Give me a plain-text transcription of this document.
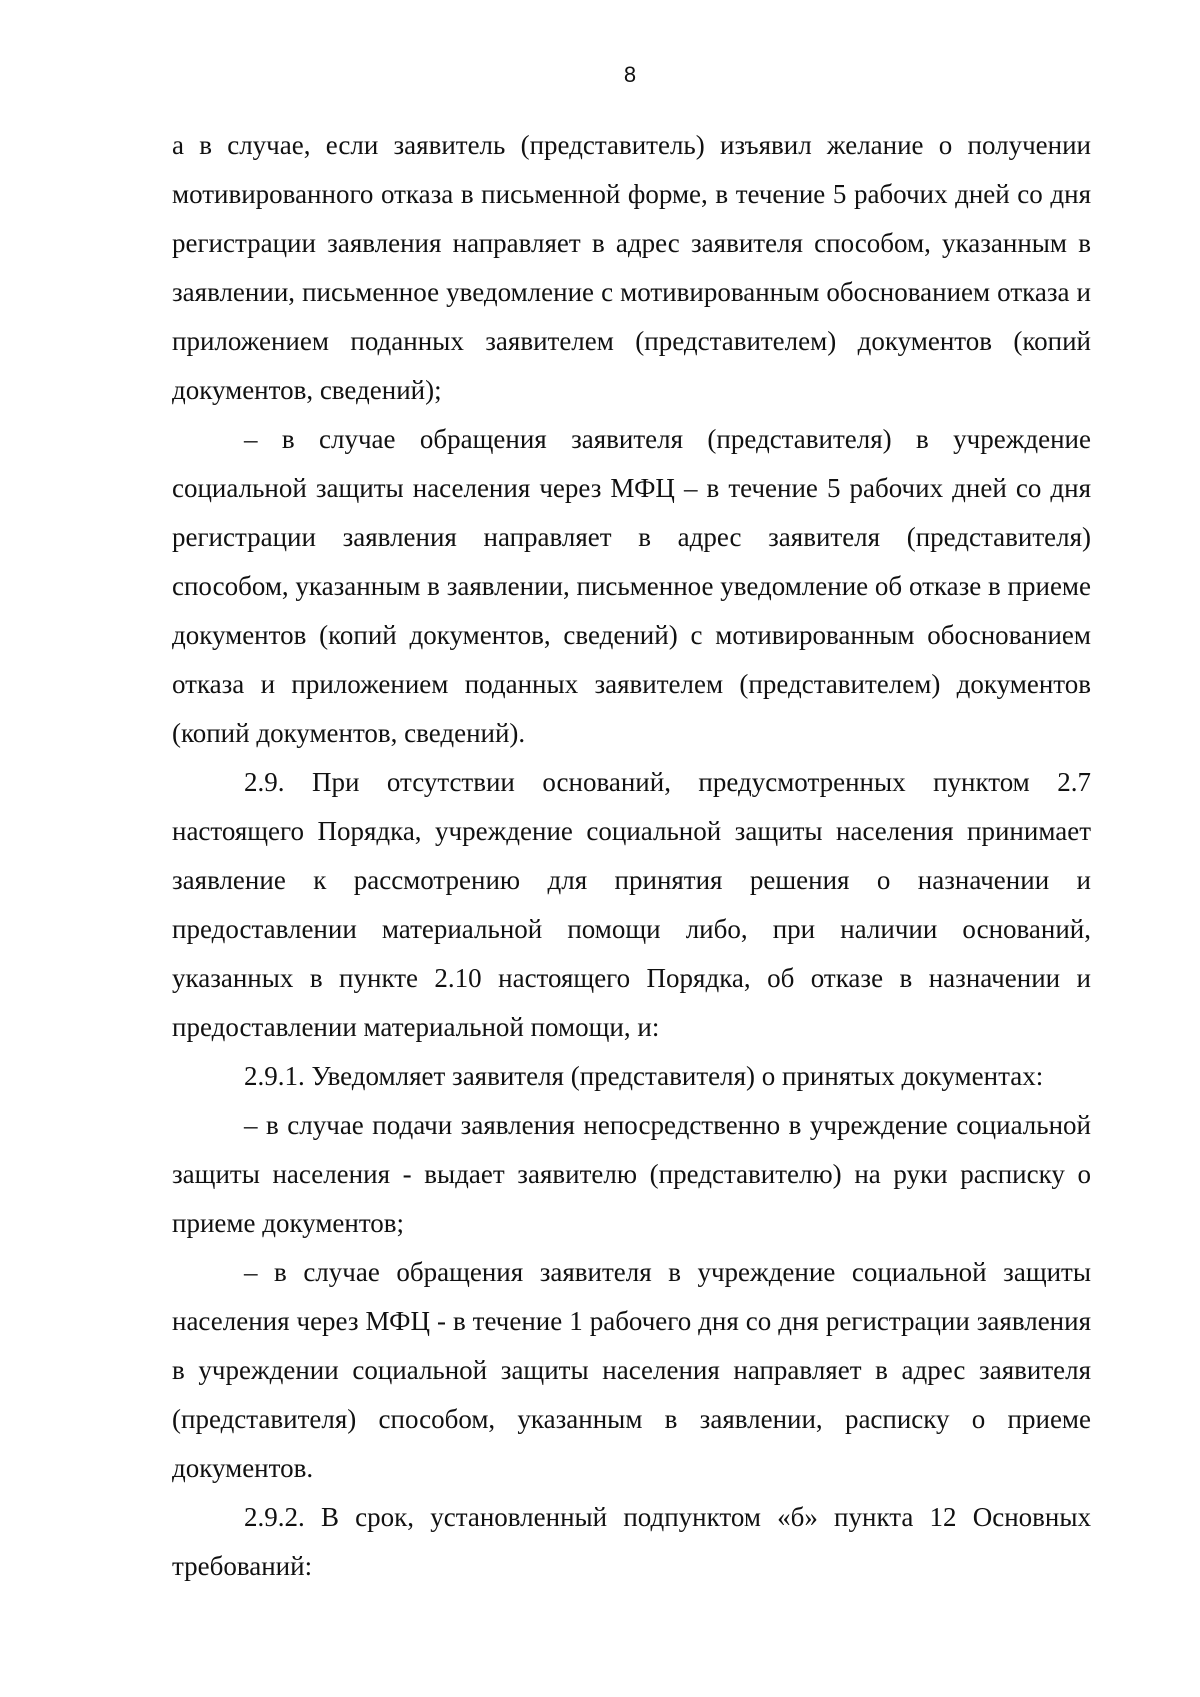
8

а в случае, если заявитель (представитель) изъявил желание о получении мотивированного отказа в письменной форме, в течение 5 рабочих дней со дня регистрации заявления направляет в адрес заявителя способом, указанным в заявлении, письменное уведомление с мотивированным обоснованием отказа и приложением поданных заявителем (представителем) документов (копий документов, сведений);

– в случае обращения заявителя (представителя) в учреждение социальной защиты населения через МФЦ – в течение 5 рабочих дней со дня регистрации заявления направляет в адрес заявителя (представителя) способом, указанным в заявлении, письменное уведомление об отказе в приеме документов (копий документов, сведений) с мотивированным обоснованием отказа и приложением поданных заявителем (представителем) документов (копий документов, сведений).

2.9. При отсутствии оснований, предусмотренных пунктом 2.7 настоящего Порядка, учреждение социальной защиты населения принимает заявление к рассмотрению для принятия решения о назначении и предоставлении материальной помощи либо, при наличии оснований, указанных в пункте 2.10 настоящего Порядка, об отказе в назначении и предоставлении материальной помощи, и:

2.9.1. Уведомляет заявителя (представителя) о принятых документах:

– в случае подачи заявления непосредственно в учреждение социальной защиты населения - выдает заявителю (представителю) на руки расписку о приеме документов;

– в случае обращения заявителя в учреждение социальной защиты населения через МФЦ - в течение 1 рабочего дня со дня регистрации заявления в учреждении социальной защиты населения направляет в адрес заявителя (представителя) способом, указанным в заявлении, расписку о приеме документов.

2.9.2. В срок, установленный подпунктом «б» пункта 12 Основных требований:
